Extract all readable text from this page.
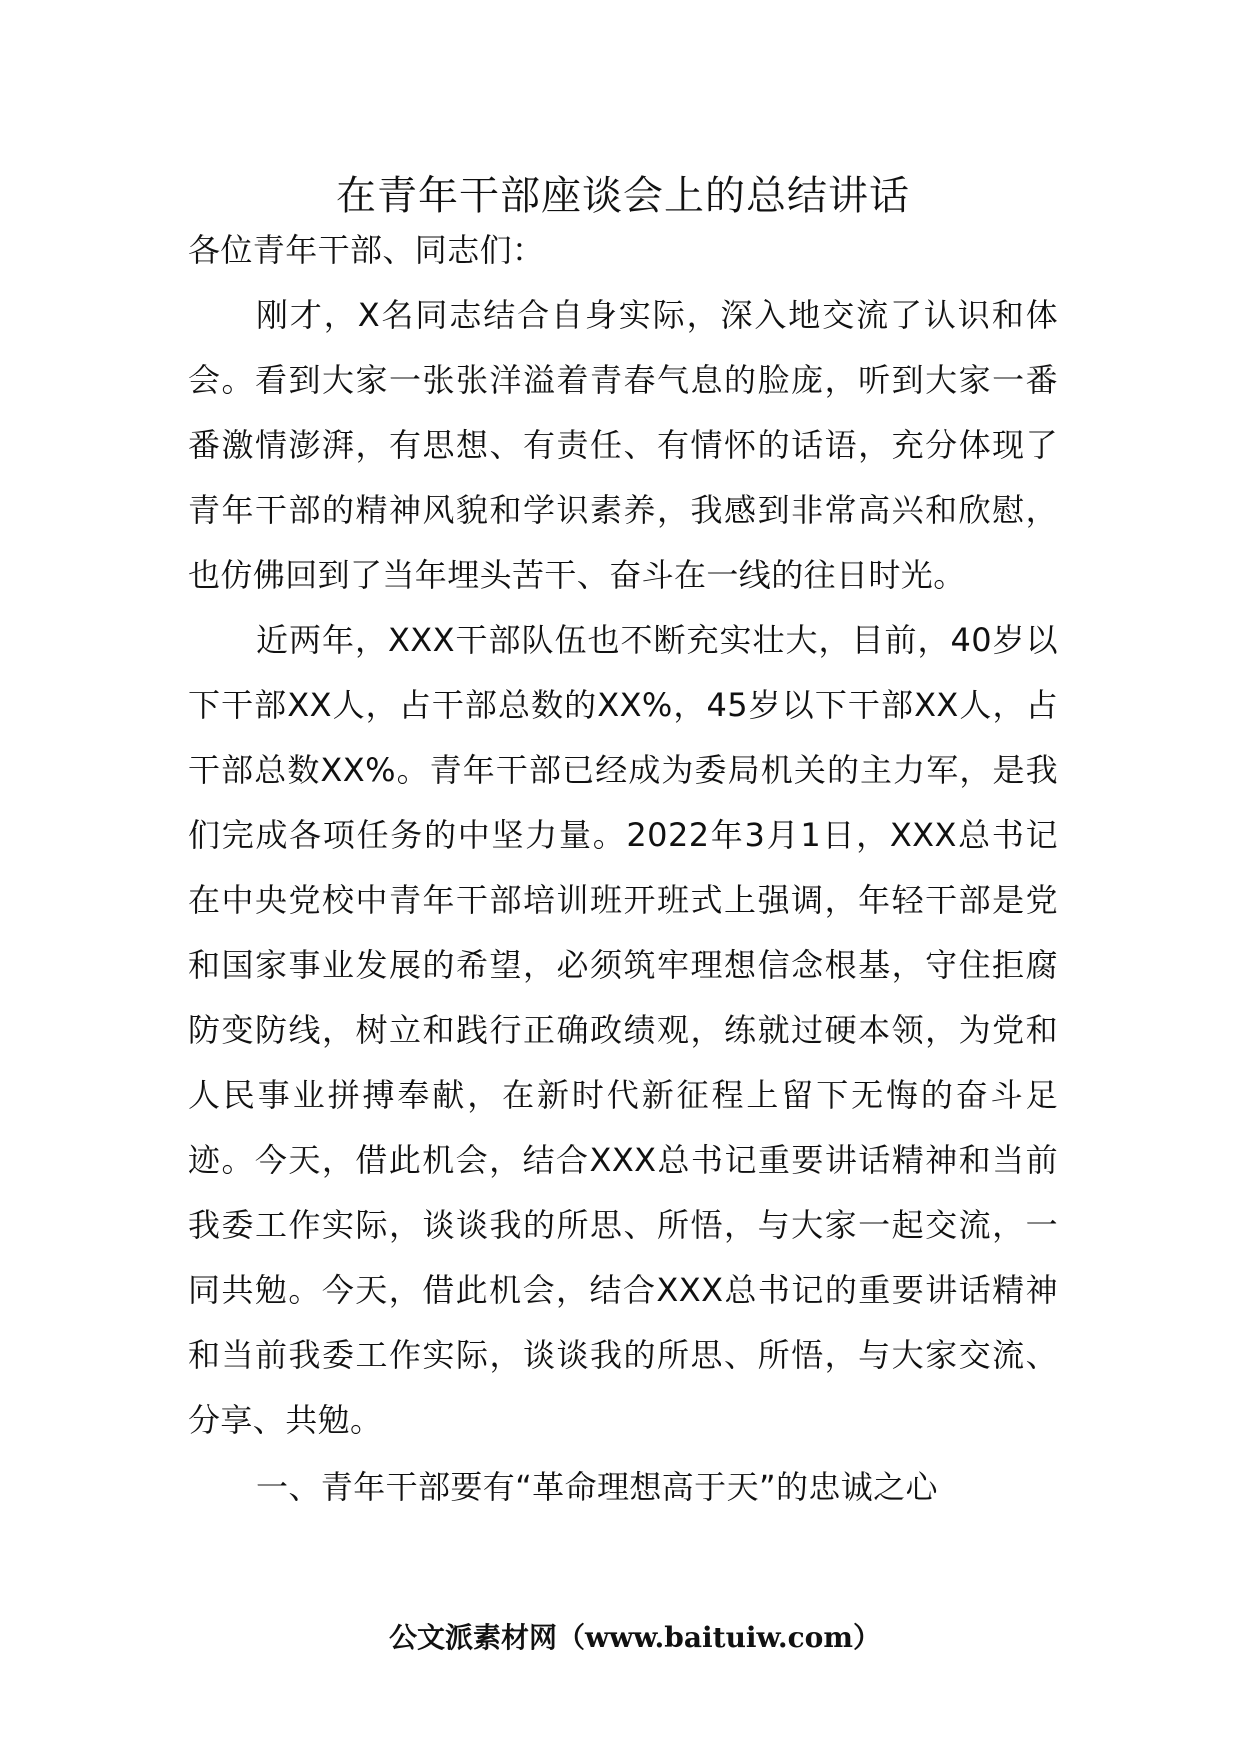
在青年干部座谈会上的总结讲话

各位青年干部、同志们：

刚才，X名同志结合自身实际，深入地交流了认识和体会。看到大家一张张洋溢着青春气息的脸庞，听到大家一番番激情澎湃，有思想、有责任、有情怀的话语，充分体现了青年干部的精神风貌和学识素养，我感到非常高兴和欣慰，也仿佛回到了当年埋头苦干、奋斗在一线的往日时光。

近两年，XXX干部队伍也不断充实壮大，目前，40岁以下干部XX人，占干部总数的XX%，45岁以下干部XX人，占干部总数XX%。青年干部已经成为委局机关的主力军，是我们完成各项任务的中坚力量。2022年3月1日，XXX总书记在中央党校中青年干部培训班开班式上强调，年轻干部是党和国家事业发展的希望，必须筑牢理想信念根基，守住拒腐防变防线，树立和践行正确政绩观，练就过硬本领，为党和人民事业拼搏奉献，在新时代新征程上留下无悔的奋斗足迹。今天，借此机会，结合XXX总书记重要讲话精神和当前我委工作实际，谈谈我的所思、所悟，与大家一起交流，一同共勉。今天，借此机会，结合XXX总书记的重要讲话精神和当前我委工作实际，谈谈我的所思、所悟，与大家交流、分享、共勉。

一、青年干部要有“革命理想高于天”的忠诚之心

公文派素材网（www.baituiw.com）
